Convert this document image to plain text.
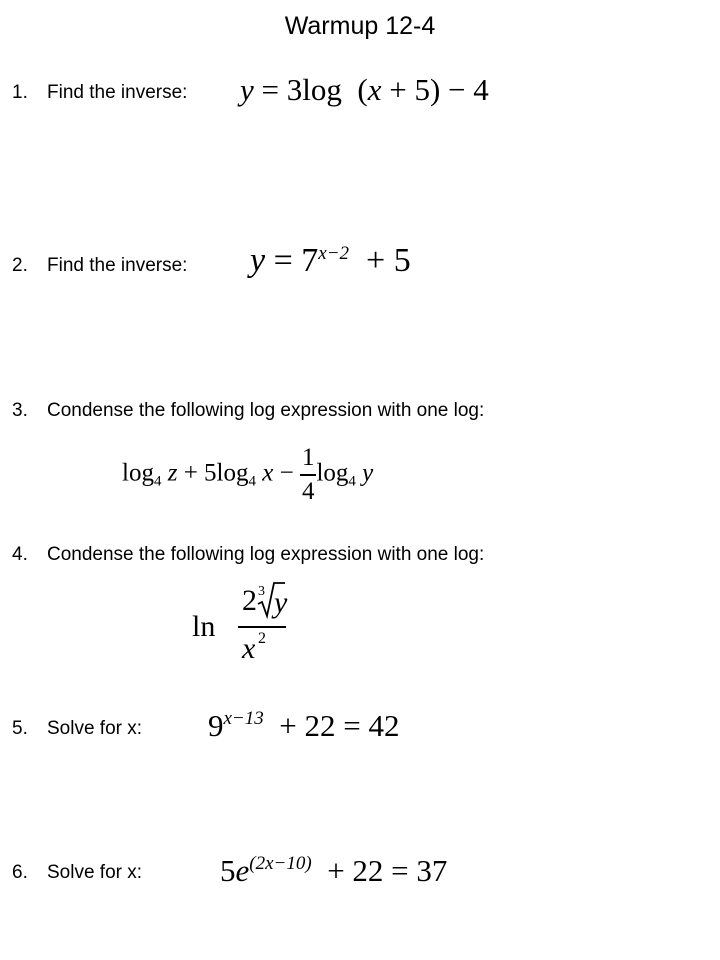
Warmup 12-4
1. Find the inverse: y = 3log (x + 5) − 4
2. Find the inverse: $y = 7^{x-2} + 5$
3. Condense the following log expression with one log:
$\log_4 z + 5\log_4$ $x - \frac{1}{4} \log_4 y$
4. Condense the following log expression with one log:
ln
2 3 y
x 2
5. Solve for x: $9^{x-13} + 22 = 42$
6. Solve for x:	$5e^{(2x-10)} + 22 = 37$
